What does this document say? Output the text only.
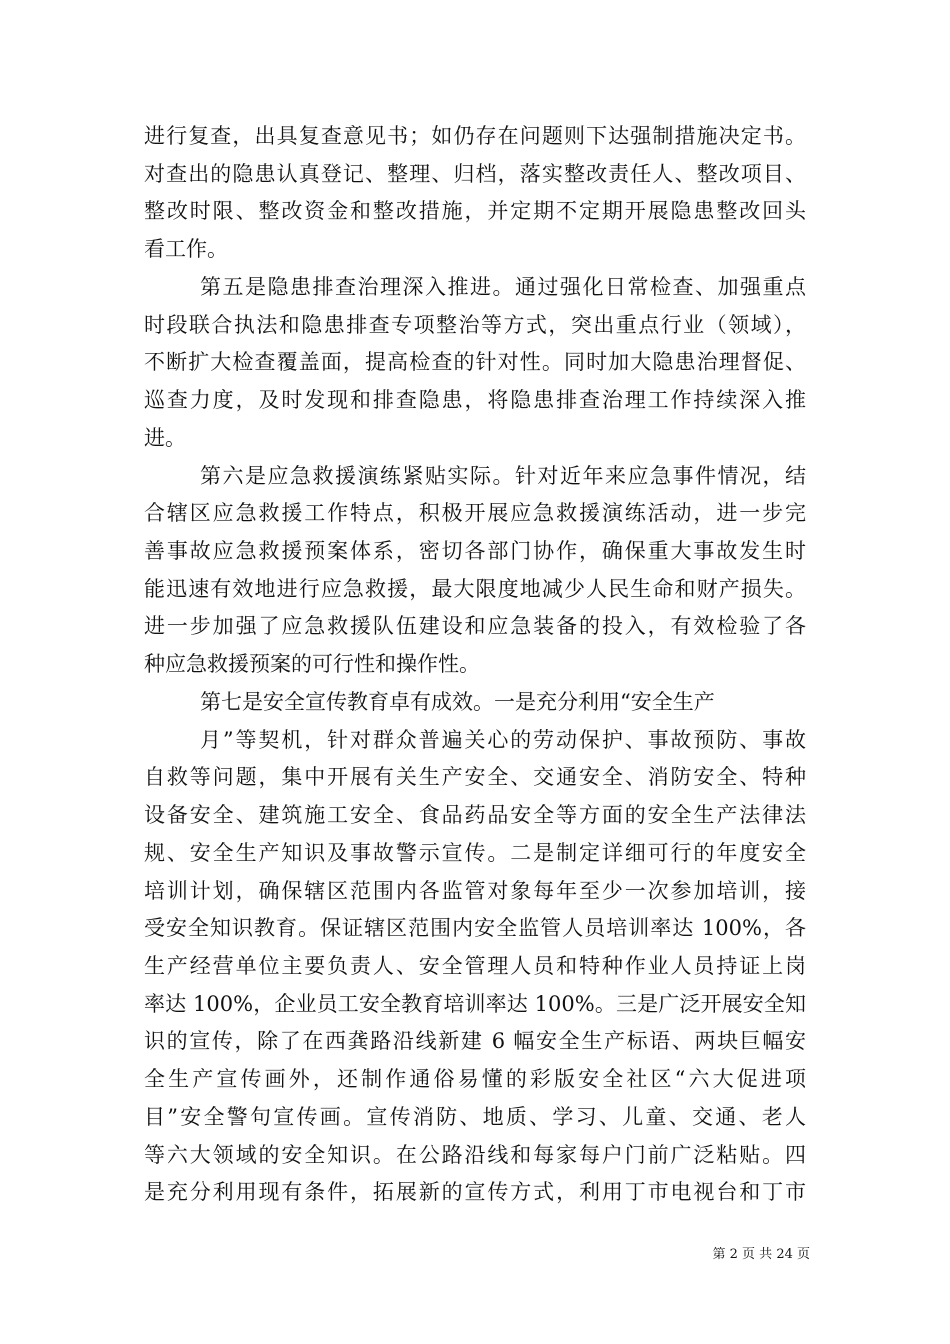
进行复查，出具复查意见书；如仍存在问题则下达强制措施决定书。
对查出的隐患认真登记、整理、归档，落实整改责任人、整改项目、
整改时限、整改资金和整改措施，并定期不定期开展隐患整改回头
看工作。
第五是隐患排查治理深入推进。通过强化日常检查、加强重点
时段联合执法和隐患排查专项整治等方式，突出重点行业（领域），
不断扩大检查覆盖面，提高检查的针对性。同时加大隐患治理督促、
巡查力度，及时发现和排查隐患，将隐患排查治理工作持续深入推
进。
第六是应急救援演练紧贴实际。针对近年来应急事件情况，结
合辖区应急救援工作特点，积极开展应急救援演练活动，进一步完
善事故应急救援预案体系，密切各部门协作，确保重大事故发生时
能迅速有效地进行应急救援，最大限度地减少人民生命和财产损失。
进一步加强了应急救援队伍建设和应急装备的投入，有效检验了各
种应急救援预案的可行性和操作性。
第七是安全宣传教育卓有成效。一是充分利用“安全生产
月”等契机，针对群众普遍关心的劳动保护、事故预防、事故
自救等问题，集中开展有关生产安全、交通安全、消防安全、特种
设备安全、建筑施工安全、食品药品安全等方面的安全生产法律法
规、安全生产知识及事故警示宣传。二是制定详细可行的年度安全
培训计划，确保辖区范围内各监管对象每年至少一次参加培训，接
受安全知识教育。保证辖区范围内安全监管人员培训率达 100%，各
生产经营单位主要负责人、安全管理人员和特种作业人员持证上岗
率达 100%，企业员工安全教育培训率达 100%。三是广泛开展安全知
识的宣传，除了在西龚路沿线新建 6 幅安全生产标语、两块巨幅安
全生产宣传画外，还制作通俗易懂的彩版安全社区“六大促进项
目”安全警句宣传画。宣传消防、地质、学习、儿童、交通、老人
等六大领域的安全知识。在公路沿线和每家每户门前广泛粘贴。四
是充分利用现有条件，拓展新的宣传方式，利用丁市电视台和丁市
第 2 页 共 24 页
